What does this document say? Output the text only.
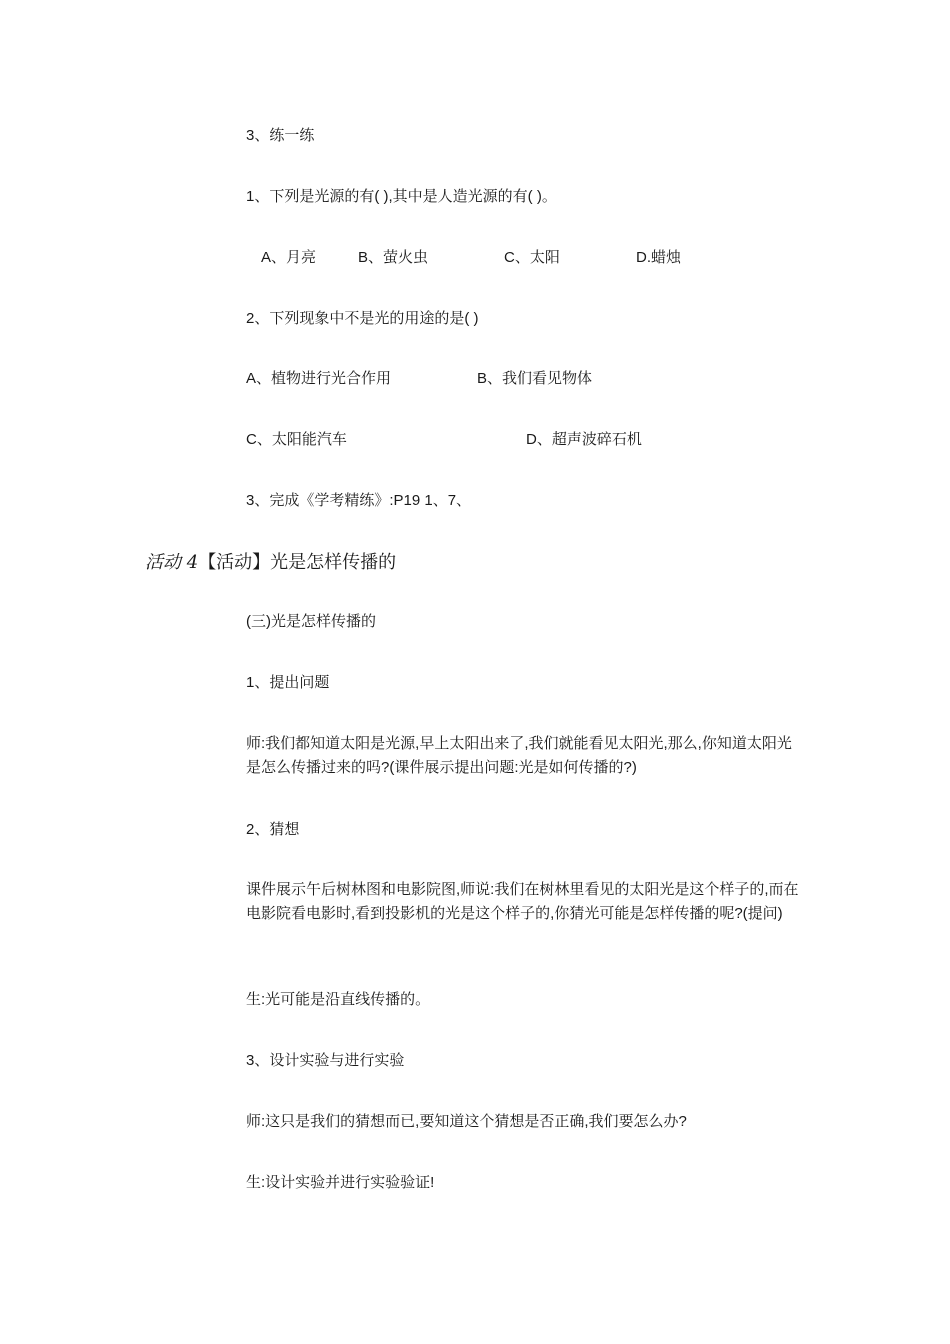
3、练一练
1、下列是光源的有( ),其中是人造光源的有( )。
A、月亮	B、萤火虫	C、太阳	D.蜡烛
2、下列现象中不是光的用途的是( )
A、植物进行光合作用	B、我们看见物体
C、太阳能汽车	D、超声波碎石机
3、完成《学考精练》:P19 1、7、
活动 4【活动】光是怎样传播的
(三)光是怎样传播的
1、提出问题
师:我们都知道太阳是光源,早上太阳出来了,我们就能看见太阳光,那么,你知道太阳光是怎么传播过来的吗?(课件展示提出问题:光是如何传播的?)
2、猜想
课件展示午后树林图和电影院图,师说:我们在树林里看见的太阳光是这个样子的,而在电影院看电影时,看到投影机的光是这个样子的,你猜光可能是怎样传播的呢?(提问)
生:光可能是沿直线传播的。
3、设计实验与进行实验
师:这只是我们的猜想而已,要知道这个猜想是否正确,我们要怎么办?
生:设计实验并进行实验验证!
